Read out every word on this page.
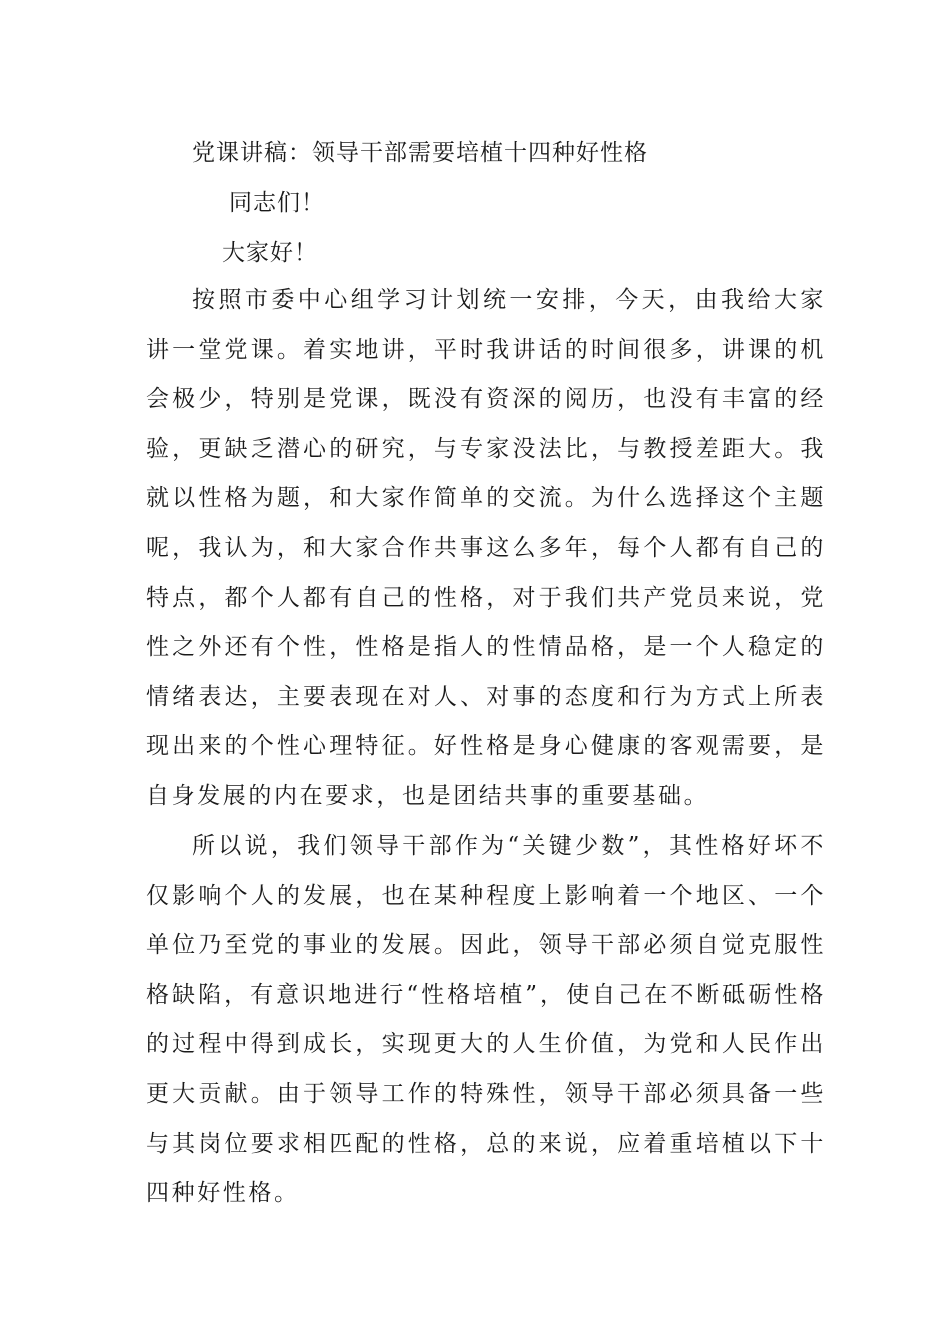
党课讲稿：领导干部需要培植十四种好性格
同志们！
大家好！

按照市委中心组学习计划统一安排，今天，由我给大家讲一堂党课。着实地讲，平时我讲话的时间很多，讲课的机会极少，特别是党课，既没有资深的阅历，也没有丰富的经验，更缺乏潜心的研究，与专家没法比，与教授差距大。我就以性格为题，和大家作简单的交流。为什么选择这个主题呢，我认为，和大家合作共事这么多年，每个人都有自己的特点，都个人都有自己的性格，对于我们共产党员来说，党性之外还有个性，性格是指人的性情品格，是一个人稳定的情绪表达，主要表现在对人、对事的态度和行为方式上所表现出来的个性心理特征。好性格是身心健康的客观需要，是自身发展的内在要求，也是团结共事的重要基础。

所以说，我们领导干部作为“关键少数”，其性格好坏不仅影响个人的发展，也在某种程度上影响着一个地区、一个单位乃至党的事业的发展。因此，领导干部必须自觉克服性格缺陷，有意识地进行“性格培植”，使自己在不断砥砺性格的过程中得到成长，实现更大的人生价值，为党和人民作出更大贡献。由于领导工作的特殊性，领导干部必须具备一些与其岗位要求相匹配的性格，总的来说，应着重培植以下十四种好性格。
